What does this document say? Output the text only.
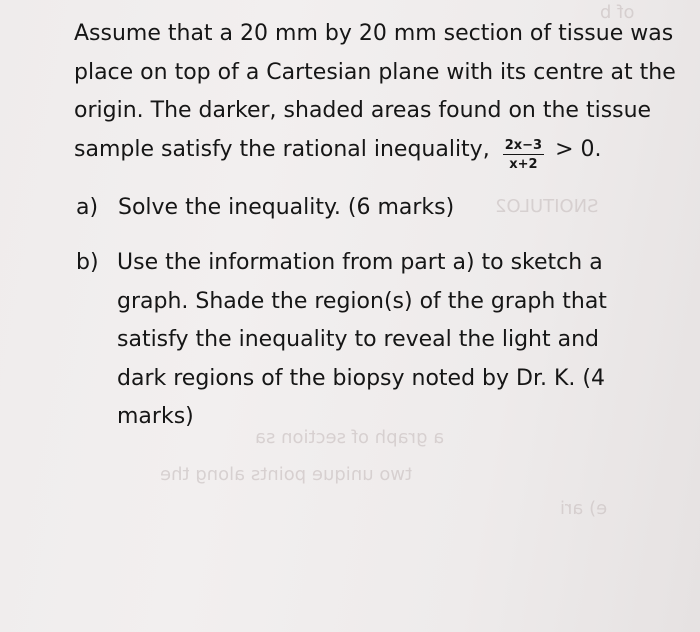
of b
SNOITULO2
a graph of section sa
two unique points along the
e) ari
Assume that a 20 mm by 20 mm section of tissue was place on top of a Cartesian plane with its centre at the origin. The darker, shaded areas found on the tissue sample satisfy the rational inequality, $\frac{2x-3}{x+2} > 0$.
a) Solve the inequality. (6 marks)
b) Use the information from part a) to sketch a graph. Shade the region(s) of the graph that satisfy the inequality to reveal the light and dark regions of the biopsy noted by Dr. K. (4 marks)
